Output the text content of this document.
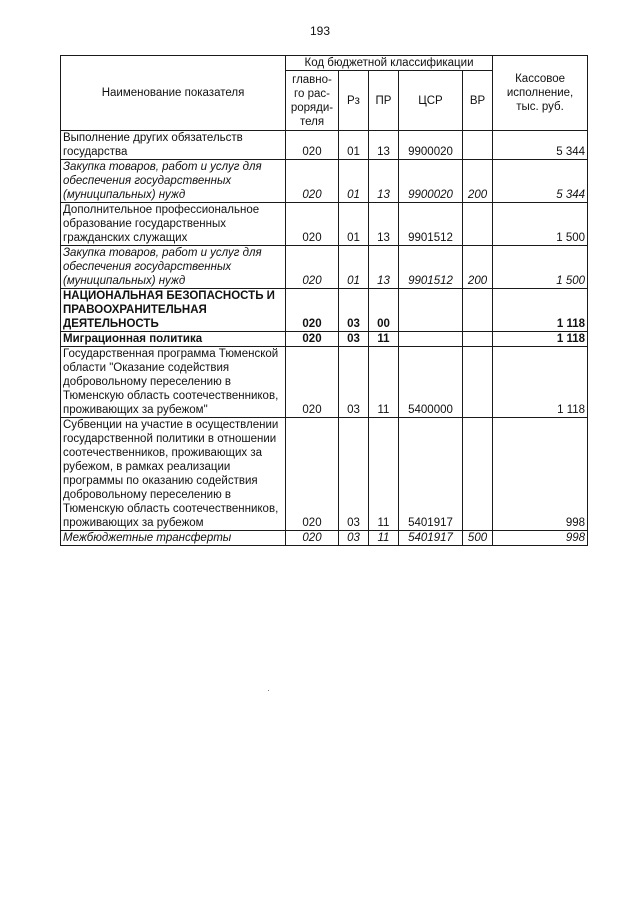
193
Наименование показателя	Код бюджетной классификации					Кассовое
исполнение,
тыс. руб.
	главно-
го рас-
pоряди-
теля	Рз	ПР	ЦСР	ВР	
Выполнение других обязательств государства	020	01	13	9900020		5 344
Закупка товаров, работ и услуг для обеспечения государственных (муниципальных) нужд	020	01	13	9900020	200	5 344
Дополнительное профессиональное образование государственных гражданских служащих	020	01	13	9901512		1 500
Закупка товаров, работ и услуг для обеспечения государственных (муниципальных) нужд	020	01	13	9901512	200	1 500
НАЦИОНАЛЬНАЯ БЕЗОПАСНОСТЬ И ПРАВООХРАНИТЕЛЬНАЯ ДЕЯТЕЛЬНОСТЬ	020	03	00			1 118
Миграционная политика	020	03	11			1 118
Государственная программа Тюменской области "Оказание содействия добровольному переселению в Тюменскую область соотечественников, проживающих за рубежом"	020	03	11	5400000		1 118
Субвенции на участие в осуществлении государственной политики в отношении соотечественников, проживающих за рубежом, в рамках реализации программы по оказанию содействия добровольному переселению в Тюменскую область соотечественников, проживающих за рубежом	020	03	11	5401917		998
Межбюджетные трансферты	020	03	11	5401917	500	998
